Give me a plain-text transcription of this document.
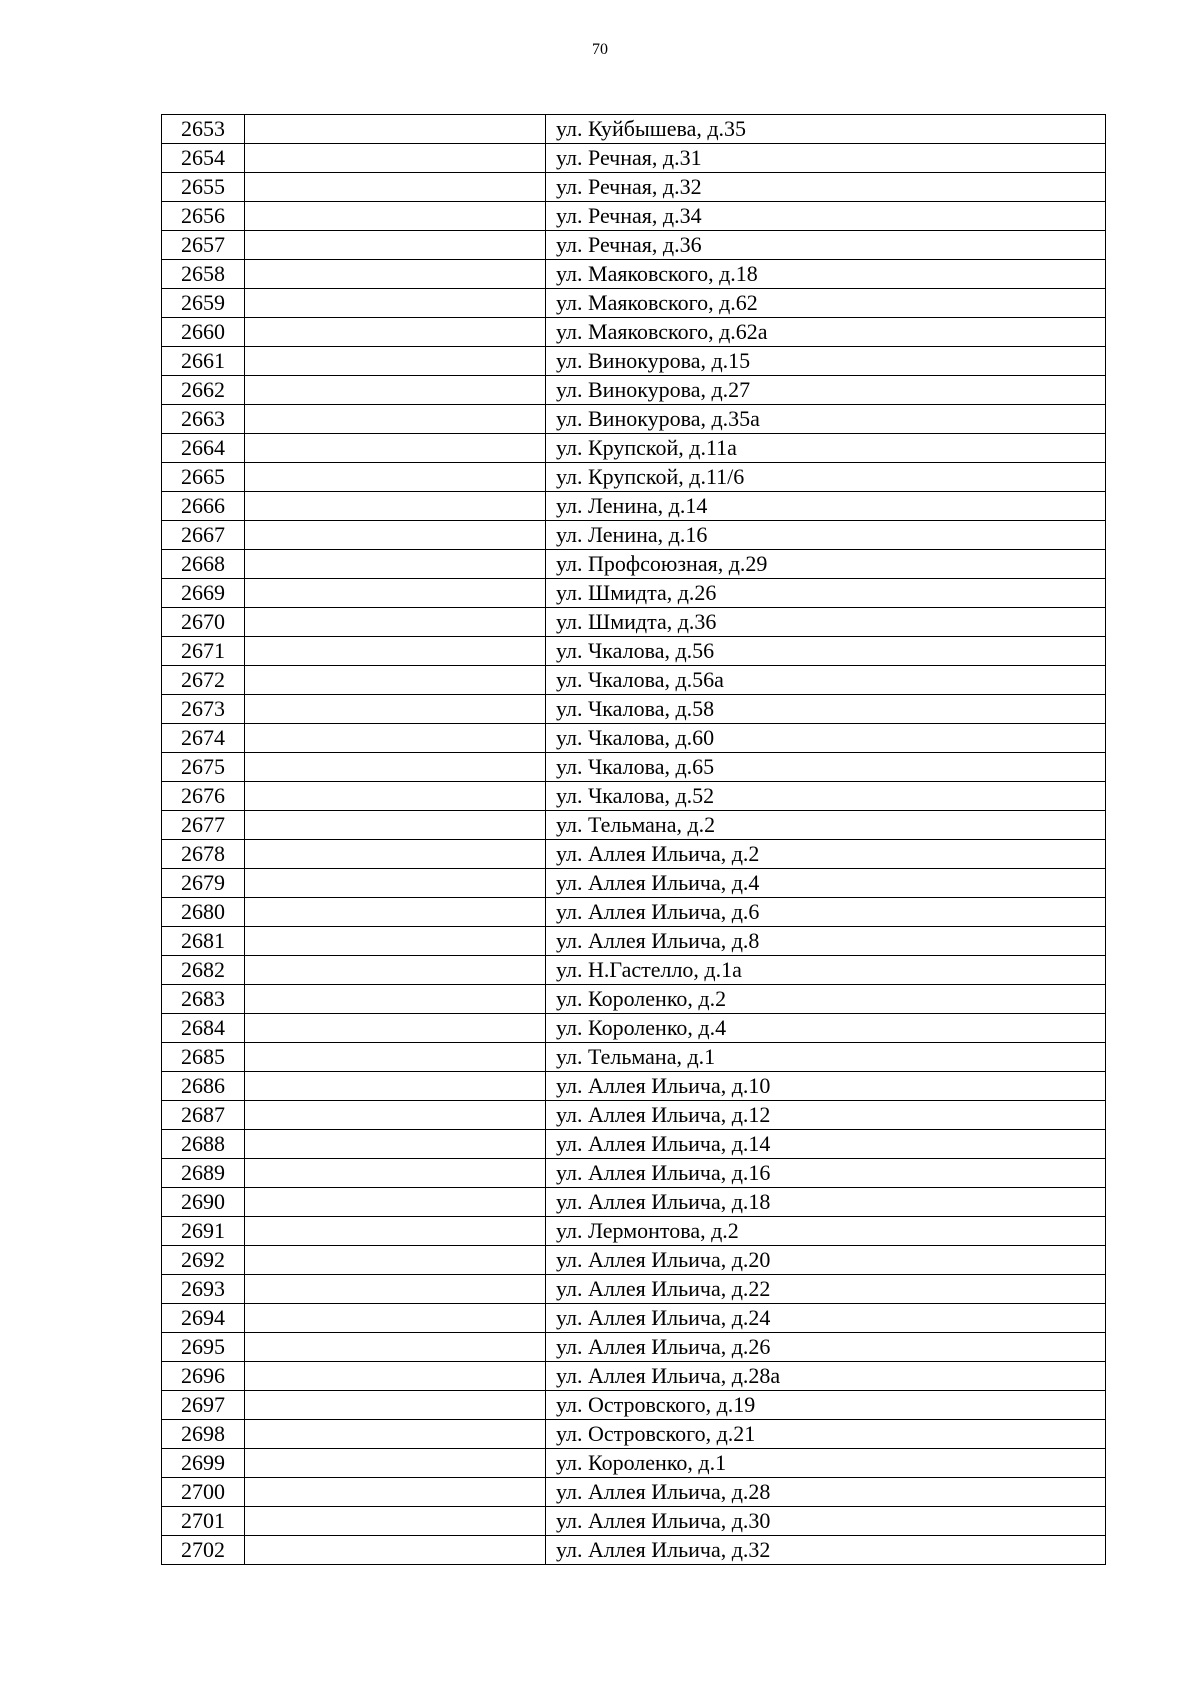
70
2653		ул. Куйбышева, д.35
2654		ул. Речная, д.31
2655		ул. Речная, д.32
2656		ул. Речная, д.34
2657		ул. Речная, д.36
2658		ул. Маяковского, д.18
2659		ул. Маяковского, д.62
2660		ул. Маяковского, д.62а
2661		ул. Винокурова, д.15
2662		ул. Винокурова, д.27
2663		ул. Винокурова, д.35а
2664		ул. Крупской, д.11а
2665		ул. Крупской, д.11/6
2666		ул. Ленина, д.14
2667		ул. Ленина, д.16
2668		ул. Профсоюзная, д.29
2669		ул. Шмидта, д.26
2670		ул. Шмидта, д.36
2671		ул. Чкалова, д.56
2672		ул. Чкалова, д.56а
2673		ул. Чкалова, д.58
2674		ул. Чкалова, д.60
2675		ул. Чкалова, д.65
2676		ул. Чкалова, д.52
2677		ул. Тельмана, д.2
2678		ул. Аллея Ильича, д.2
2679		ул. Аллея Ильича, д.4
2680		ул. Аллея Ильича, д.6
2681		ул. Аллея Ильича, д.8
2682		ул. Н.Гастелло, д.1а
2683		ул. Короленко, д.2
2684		ул. Короленко, д.4
2685		ул. Тельмана, д.1
2686		ул. Аллея Ильича, д.10
2687		ул. Аллея Ильича, д.12
2688		ул. Аллея Ильича, д.14
2689		ул. Аллея Ильича, д.16
2690		ул. Аллея Ильича, д.18
2691		ул. Лермонтова, д.2
2692		ул. Аллея Ильича, д.20
2693		ул. Аллея Ильича, д.22
2694		ул. Аллея Ильича, д.24
2695		ул. Аллея Ильича, д.26
2696		ул. Аллея Ильича, д.28а
2697		ул. Островского, д.19
2698		ул. Островского, д.21
2699		ул. Короленко, д.1
2700		ул. Аллея Ильича, д.28
2701		ул. Аллея Ильича, д.30
2702		ул. Аллея Ильича, д.32
